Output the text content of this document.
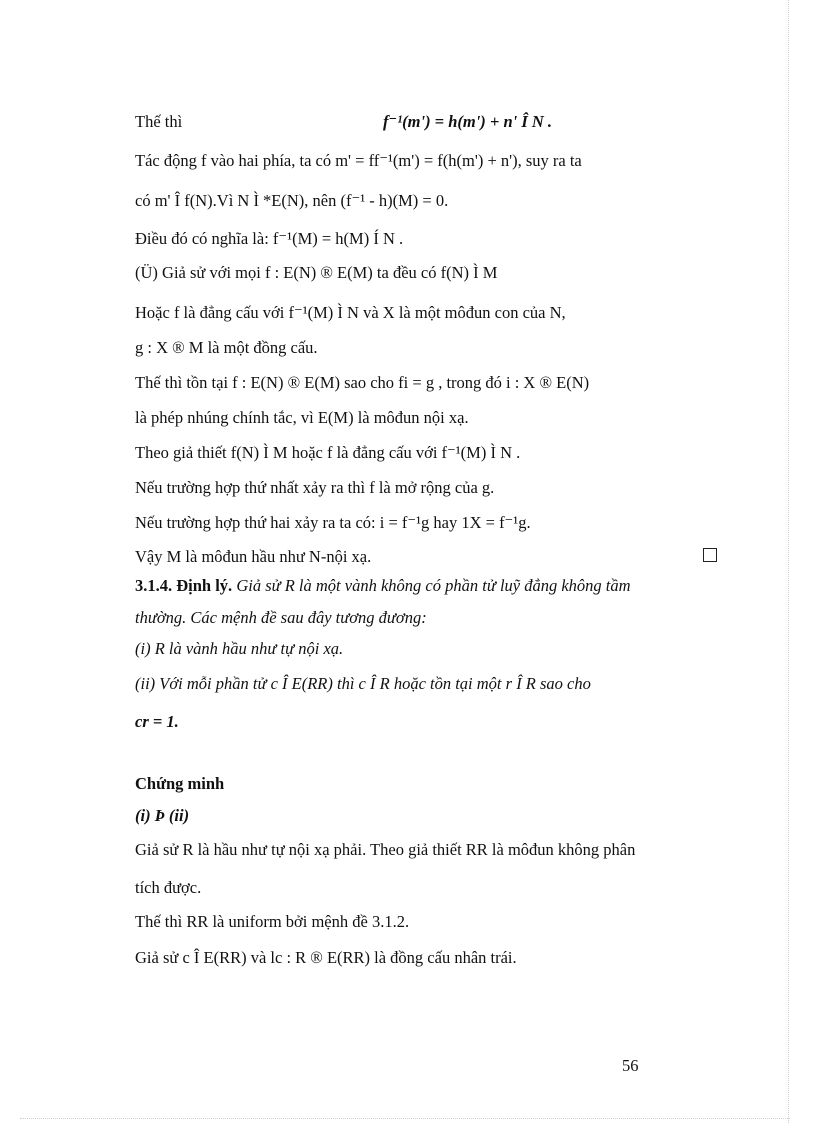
Thế thì	f⁻¹(m') = h(m') + n' Î N .
Tác động f vào hai phía, ta có m' = ff⁻¹(m') = f(h(m') + n'), suy ra ta
có m' Î f(N).Vì N Ì *E(N), nên (f⁻¹ - h)(M) = 0.
Điều đó có nghĩa là: f⁻¹(M) = h(M) Í N .
(Ü) Giả sử với mọi f : E(N) ® E(M) ta đều có f(N) Ì M
Hoặc f là đẳng cấu với f⁻¹(M) Ì N và X là một môđun con của N,
g : X ® M là một đồng cấu.
Thế thì tồn tại f : E(N) ® E(M) sao cho fi = g , trong đó i : X ® E(N)
là phép nhúng chính tắc, vì E(M) là môđun nội xạ.
Theo giả thiết f(N) Ì M hoặc f là đẳng cấu với f⁻¹(M) Ì N .
Nếu trường hợp thứ nhất xảy ra thì f là mở rộng của g.
Nếu trường hợp thứ hai xảy ra ta có: i = f⁻¹g hay 1X = f⁻¹g.
Vậy M là môđun hầu như N-nội xạ.
3.1.4. Định lý. Giả sử R là một vành không có phần tử luỹ đẳng không tầm
thường. Các mệnh đề sau đây tương đương:
(i) R là vành hầu như tự nội xạ.
(ii) Với mỗi phần tử c Î E(RR) thì c Î R hoặc tồn tại một r Î R sao cho
cr = 1.
Chứng minh
(i) Þ (ii)
Giả sử R là hầu như tự nội xạ phải. Theo giả thiết RR là môđun không phân
tích được.
Thế thì RR là uniform bởi mệnh đề 3.1.2.
Giả sử c Î E(RR) và lc : R ® E(RR) là đồng cấu nhân trái.
56
